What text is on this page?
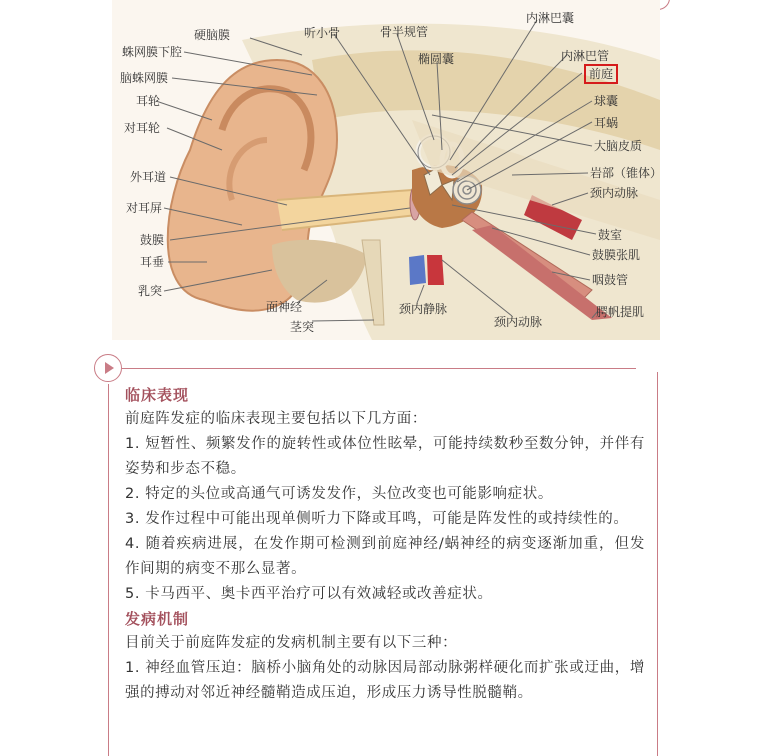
硬脑膜	听小骨	骨半规管
内淋巴囊
蛛网膜下腔	椭圆囊	内淋巴管
脑蛛网膜	前庭
耳轮	球囊
对耳轮	耳蜗
大脑皮质
外耳道	岩部（锥体）
颈内动脉
对耳屏
鼓室
鼓膜
鼓膜张肌
耳垂
咽鼓管
乳突
腭帆提肌
面神经	颈内静脉
颈内动脉
茎突
临床表现
前庭阵发症的临床表现主要包括以下几方面：
1. 短暂性、频繁发作的旋转性或体位性眩晕，可能持续数秒至数分钟，并伴有姿势和步态不稳。
2. 特定的头位或高通气可诱发发作，头位改变也可能影响症状。
3. 发作过程中可能出现单侧听力下降或耳鸣，可能是阵发性的或持续性的。
4. 随着疾病进展，在发作期可检测到前庭神经/蜗神经的病变逐渐加重，但发作间期的病变不那么显著。
5. 卡马西平、奥卡西平治疗可以有效减轻或改善症状。
发病机制
目前关于前庭阵发症的发病机制主要有以下三种：
1. 神经血管压迫：脑桥小脑角处的动脉因局部动脉粥样硬化而扩张或迂曲，增强的搏动对邻近神经髓鞘造成压迫，形成压力诱导性脱髓鞘。
